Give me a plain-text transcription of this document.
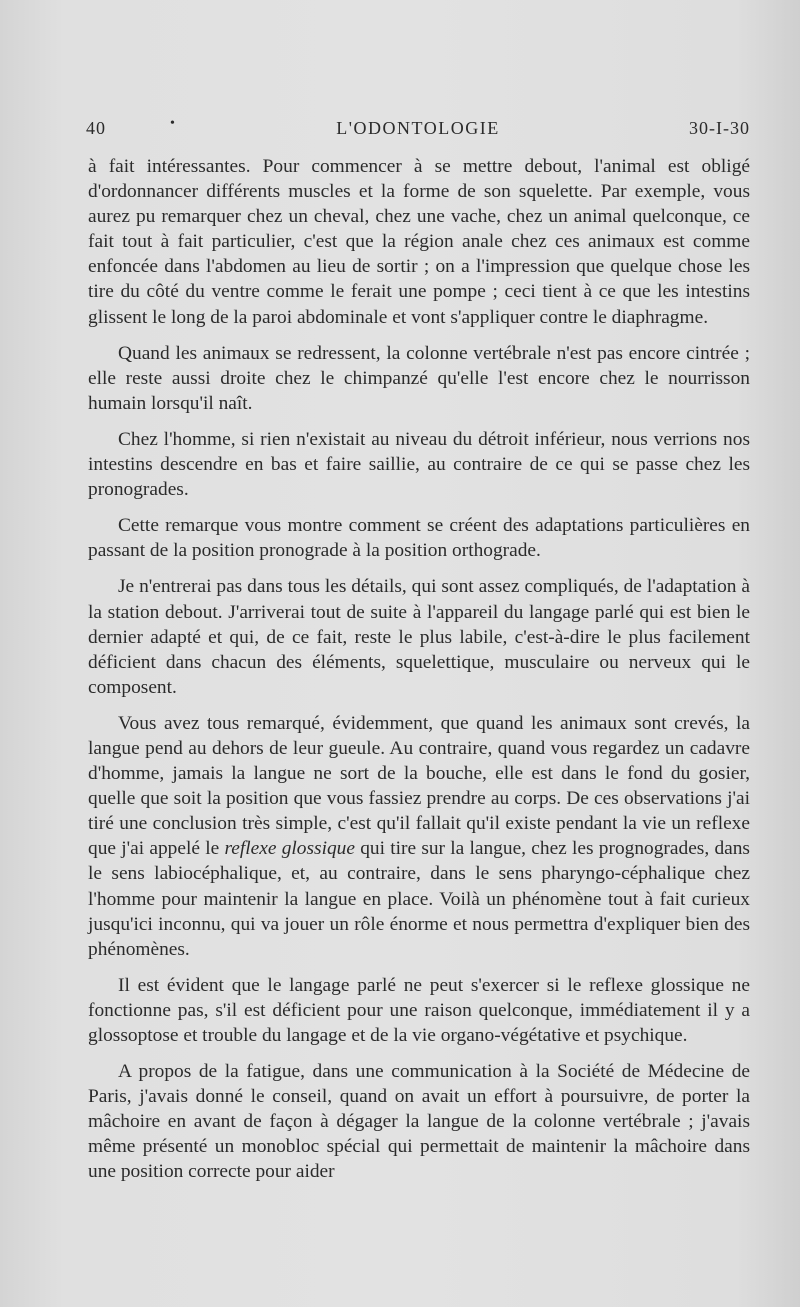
40	•	L'ODONTOLOGIE	30-I-30

à fait intéressantes. Pour commencer à se mettre debout, l'animal est obligé d'ordonnancer différents muscles et la forme de son squelette. Par exemple, vous aurez pu remarquer chez un cheval, chez une vache, chez un animal quelconque, ce fait tout à fait particulier, c'est que la région anale chez ces animaux est comme enfoncée dans l'abdomen au lieu de sortir ; on a l'impression que quelque chose les tire du côté du ventre comme le ferait une pompe ; ceci tient à ce que les intestins glissent le long de la paroi abdominale et vont s'appliquer contre le diaphragme.

Quand les animaux se redressent, la colonne vertébrale n'est pas encore cintrée ; elle reste aussi droite chez le chimpanzé qu'elle l'est encore chez le nourrisson humain lorsqu'il naît.

Chez l'homme, si rien n'existait au niveau du détroit inférieur, nous verrions nos intestins descendre en bas et faire saillie, au contraire de ce qui se passe chez les pronogrades.

Cette remarque vous montre comment se créent des adaptations particulières en passant de la position pronograde à la position orthograde.

Je n'entrerai pas dans tous les détails, qui sont assez compliqués, de l'adaptation à la station debout. J'arriverai tout de suite à l'appareil du langage parlé qui est bien le dernier adapté et qui, de ce fait, reste le plus labile, c'est-à-dire le plus facilement déficient dans chacun des éléments, squelettique, musculaire ou nerveux qui le composent.

Vous avez tous remarqué, évidemment, que quand les animaux sont crevés, la langue pend au dehors de leur gueule. Au contraire, quand vous regardez un cadavre d'homme, jamais la langue ne sort de la bouche, elle est dans le fond du gosier, quelle que soit la position que vous fassiez prendre au corps. De ces observations j'ai tiré une conclusion très simple, c'est qu'il fallait qu'il existe pendant la vie un reflexe que j'ai appelé le reflexe glossique qui tire sur la langue, chez les prognogrades, dans le sens labiocéphalique, et, au contraire, dans le sens pharyngo-céphalique chez l'homme pour maintenir la langue en place. Voilà un phénomène tout à fait curieux jusqu'ici inconnu, qui va jouer un rôle énorme et nous permettra d'expliquer bien des phénomènes.

Il est évident que le langage parlé ne peut s'exercer si le reflexe glossique ne fonctionne pas, s'il est déficient pour une raison quelconque, immédiatement il y a glossoptose et trouble du langage et de la vie organo-végétative et psychique.

A propos de la fatigue, dans une communication à la Société de Médecine de Paris, j'avais donné le conseil, quand on avait un effort à poursuivre, de porter la mâchoire en avant de façon à dégager la langue de la colonne vertébrale ; j'avais même présenté un monobloc spécial qui permettait de maintenir la mâchoire dans une position correcte pour aider
